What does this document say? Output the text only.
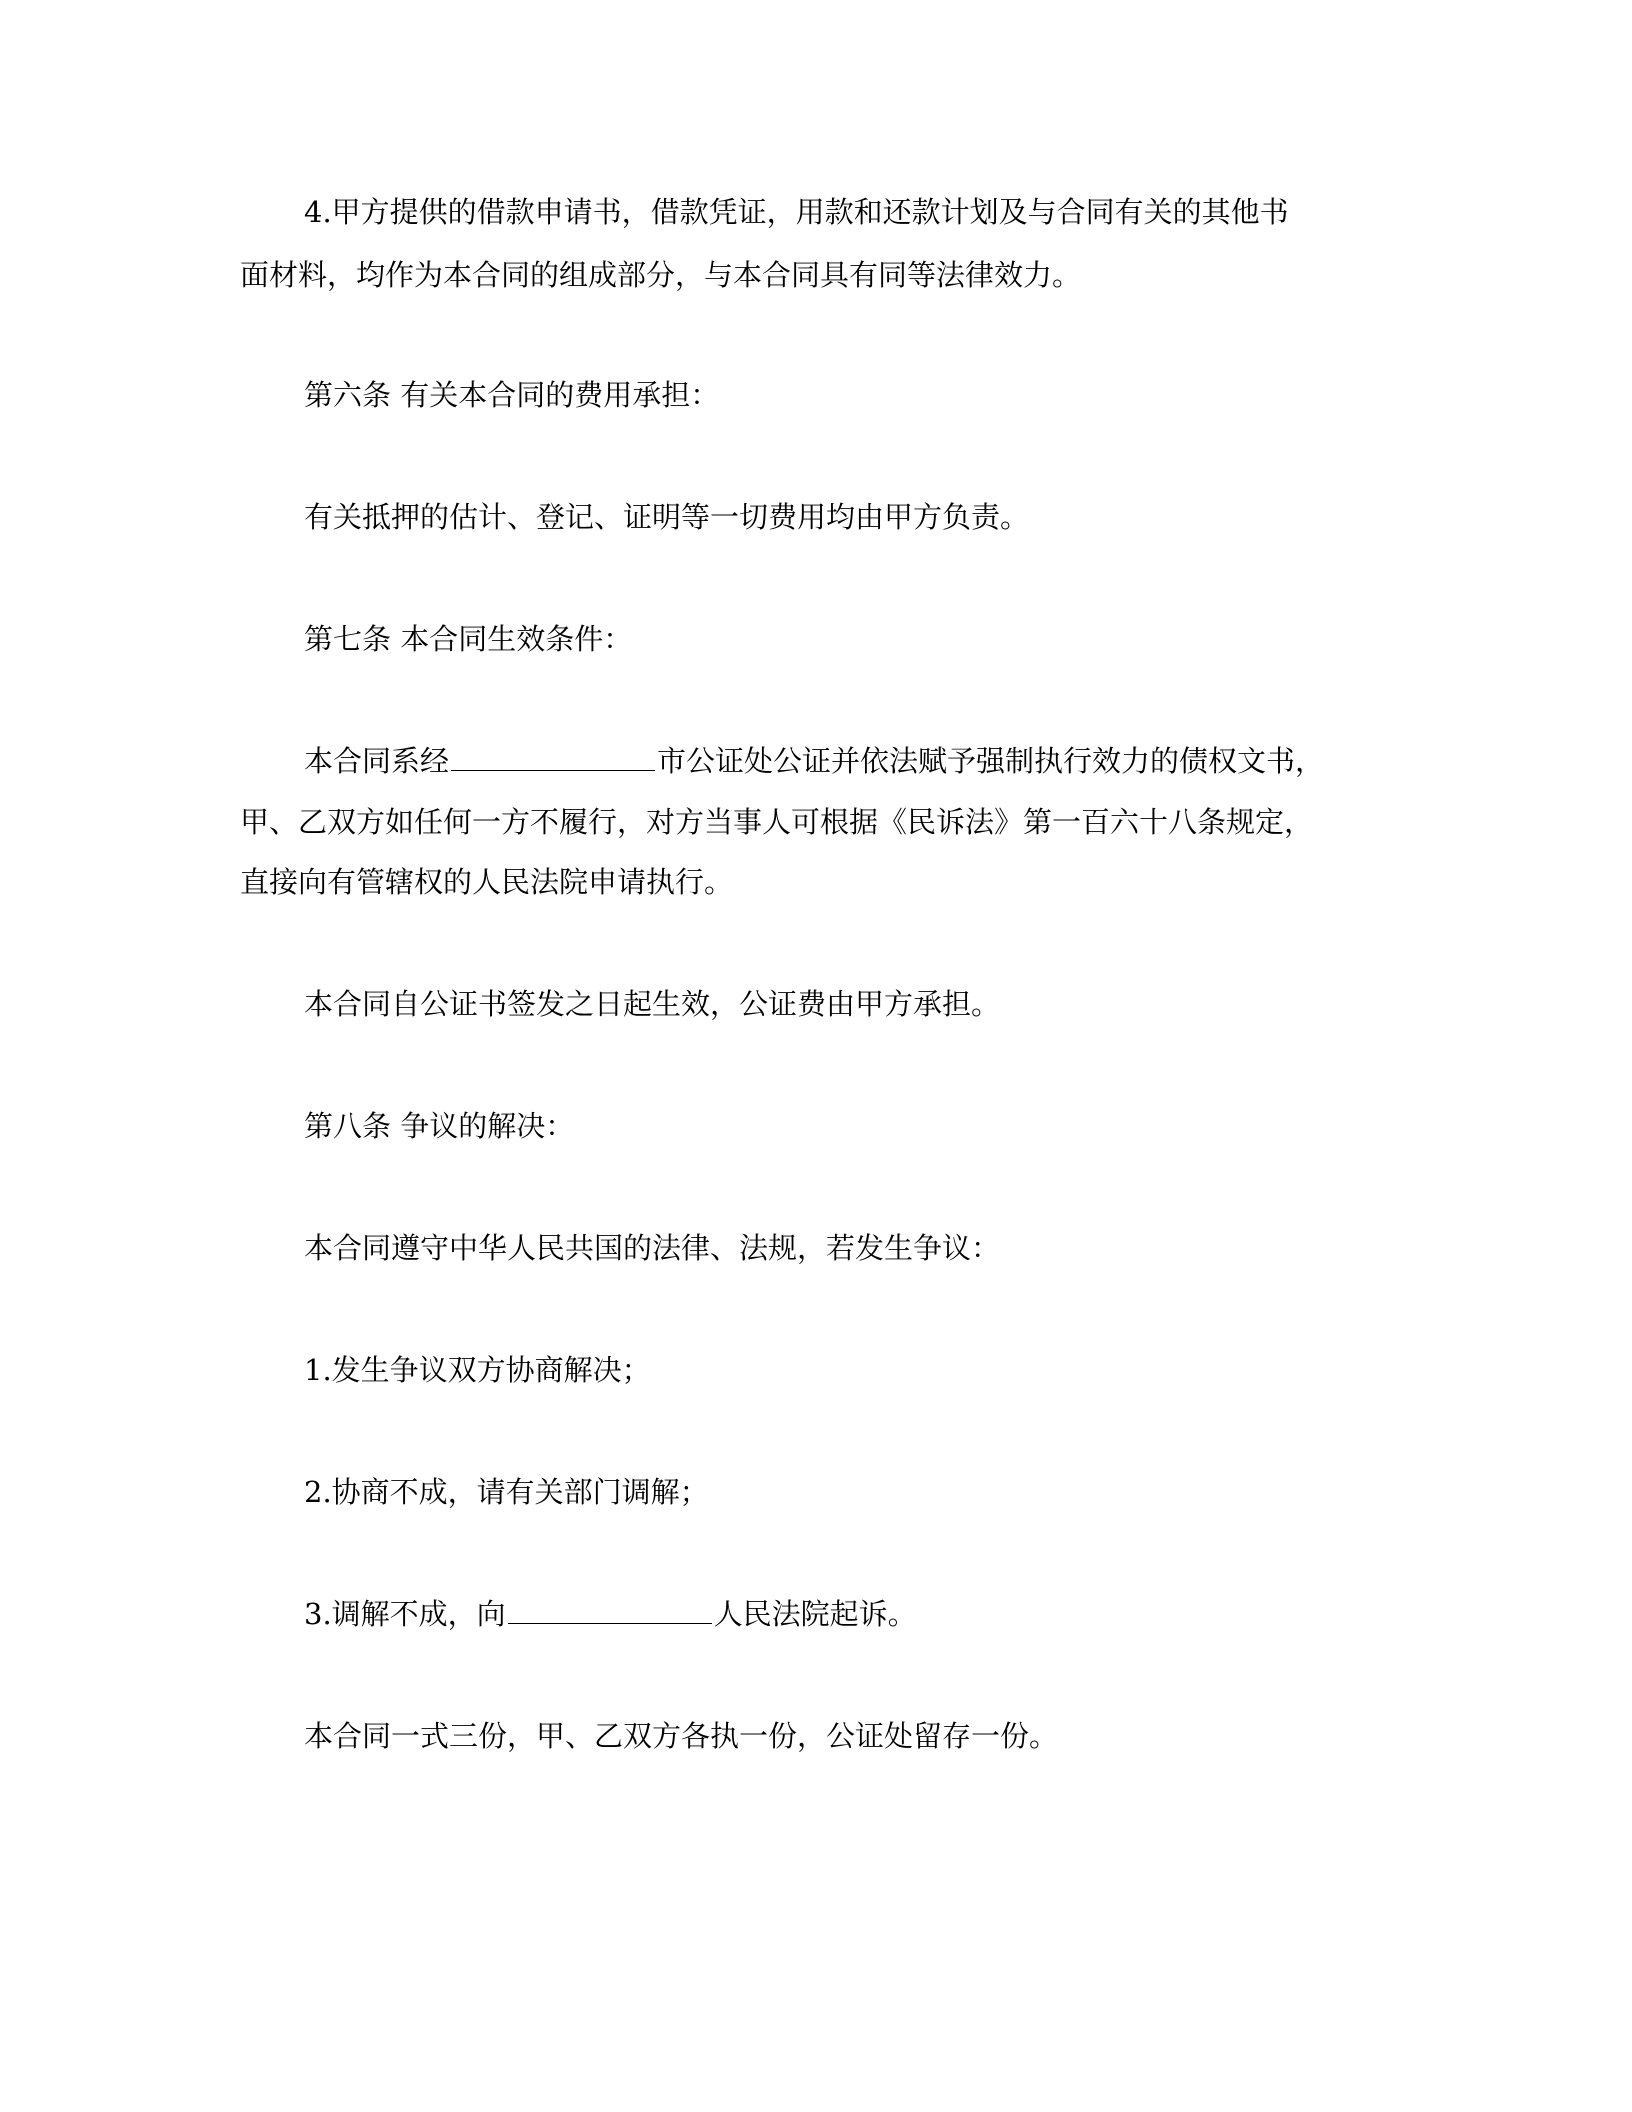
4.甲方提供的借款申请书，借款凭证，用款和还款计划及与合同有关的其他书

面材料，均作为本合同的组成部分，与本合同具有同等法律效力。

第六条 有关本合同的费用承担：

有关抵押的估计、登记、证明等一切费用均由甲方负责。

第七条 本合同生效条件：

本合同系经	市公证处公证并依法赋予强制执行效力的债权文书，

甲、乙双方如任何一方不履行，对方当事人可根据《民诉法》第一百六十八条规定，

直接向有管辖权的人民法院申请执行。

本合同自公证书签发之日起生效，公证费由甲方承担。

第八条 争议的解决：

本合同遵守中华人民共国的法律、法规，若发生争议：

1.发生争议双方协商解决；

2.协商不成，请有关部门调解；

3.调解不成，向	人民法院起诉。

本合同一式三份，甲、乙双方各执一份，公证处留存一份。
